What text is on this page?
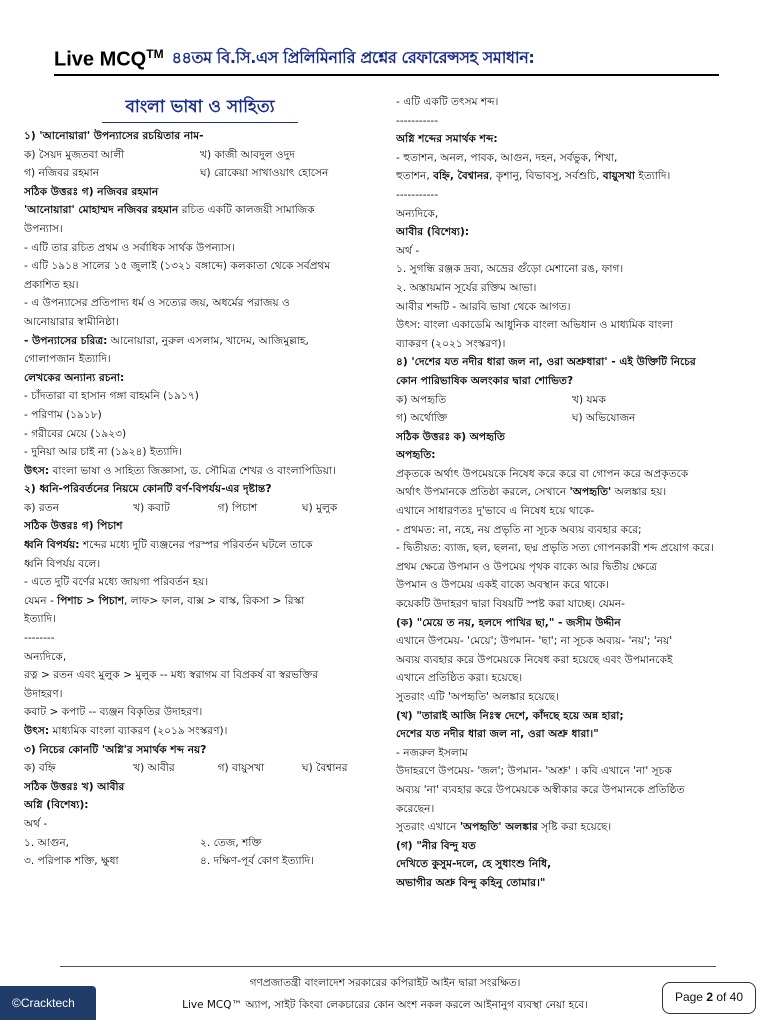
Live MCQ™ ৪৪তম বি.সি.এস প্রিলিমিনারি প্রশ্নের রেফারেন্সসহ সমাধান:
বাংলা ভাষা ও সাহিত্য
১) 'আনোয়ারা' উপন্যাসের রচয়িতার নাম-
ক) সৈয়দ মুজতবা আলী	খ) কাজী আবদুল ওদুদ
গ) নজিবর রহমান	ঘ) রোকেয়া সাখাওয়াৎ হোসেন
সঠিক উত্তরঃ গ) নজিবর রহমান
'আনোয়ারা' মোহাম্মদ নজিবর রহমান রচিত একটি কালজয়ী সামাজিক
উপন্যাস।
- এটি তার রচিত প্রথম ও সর্বাধিক সার্থক উপন্যাস।
- এটি ১৯১৪ সালের ১৫ জুলাই (১৩২১ বঙ্গাব্দে) কলকাতা থেকে সর্বপ্রথম
প্রকাশিত হয়।
- এ উপন্যাসের প্রতিপাদ্য ধর্ম ও সত্যের জয়, অধর্মের পরাজয় ও
আনোয়ারার স্বামীনিষ্ঠা।
- উপন্যাসের চরিত্র: আনোয়ারা, নুরুল এসলাম, খাদেম, আজিমুল্লাহ,
গোলাপজান ইত্যাদি।
লেখকের অন্যান্য রচনা:
- চাঁদতারা বা হাসান গঙ্গা বাহমনি (১৯১৭)
- পরিণাম (১৯১৮)
- গরীবের মেয়ে (১৯২৩)
- দুনিয়া আর চাই না (১৯২৪) ইত্যাদি।
উৎস: বাংলা ভাষা ও সাহিত্য জিজ্ঞাসা, ড. সৌমিত্র শেখর ও বাংলাপিডিয়া।
২) ধ্বনি-পরিবর্তনের নিয়মে কোনটি বর্ণ-বিপর্যয়-এর দৃষ্টান্ত?
ক) রতন	খ) কবাট	গ) পিচাশ	ঘ) মুলুক
সঠিক উত্তরঃ গ) পিচাশ
ধ্বনি বিপর্যয়: শব্দের মধ্যে দুটি ব্যঞ্জনের পরস্পর পরিবর্তন ঘটলে তাকে
ধ্বনি বিপর্যয় বলে।
- এতে দুটি বর্ণের মধ্যে জায়গা পরিবর্তন হয়।
যেমন - পিশাচ > পিচাশ, লাফ> ফাল, বাক্স > বাস্ক, রিকসা > রিস্কা
ইত্যাদি।
--------
অন্যদিকে,
রত্ন > রতন এবং মুলুক > মুলুক -- মধ্য স্বরাগম বা বিপ্রকর্ষ বা স্বরভক্তির
উদাহরণ।
কবাট > কপাট -- ব্যঞ্জন বিকৃতির উদাহরণ।
উৎস: মাধ্যমিক বাংলা ব্যাকরণ (২০১৯ সংস্করণ)।
৩) নিচের কোনটি 'অগ্নি'র সমার্থক শব্দ নয়?
ক) বহ্নি	খ) আবীর	গ) বায়ুসখা	ঘ) বৈশ্বানর
সঠিক উত্তরঃ খ) আবীর
অগ্নি (বিশেষ্য):
অর্থ -
১. আগুন,	২. তেজ, শক্তি
৩. পরিপাক শক্তি, ক্ষুধা	৪. দক্ষিণ-পূর্ব কোণ ইত্যাদি।
- এটি একটি তৎসম শব্দ।
-----------
অগ্নি শব্দের সমার্থক শব্দ:
- হুতাশন, অনল, পাবক, আগুন, দহন, সর্বভুক, শিখা,
হুতাশন, বহ্নি, বৈশ্বানর, কৃশানু, বিভাবসু, সর্বশুচি, বায়ুসখা ইত্যাদি।
-----------
অন্যদিকে,
আবীর (বিশেষ্য):
অর্থ -
১. সুগন্ধি রঞ্জক দ্রব্য, অভ্রের গুঁড়ো মেশানো রঙ, ফাগ।
২. অস্তায়মান সূর্যের রক্তিম আভা।
আবীর শব্দটি - আরবি ভাষা থেকে আগত।
উৎস: বাংলা একাডেমি আধুনিক বাংলা অভিধান ও মাধ্যমিক বাংলা
ব্যাকরণ (২০২১ সংস্করণ)।
৪) 'দেশের যত নদীর ধারা জল না, ওরা অশ্রুধারা' - এই উক্তিটি নিচের
কোন পারিভাষিক অলংকার দ্বারা শোভিত?
ক) অপহৃতি	খ) যমক
গ) অর্থোক্তি	ঘ) অভিযোজন
সঠিক উত্তরঃ ক) অপহৃতি
অপহৃতি:
প্রকৃতকে অর্থাৎ উপমেয়কে নিষেধ করে করে বা গোপন করে অপ্রকৃতকে
অর্থাৎ উপমানকে প্রতিষ্ঠা করলে, সেখানে 'অপহৃতি' অলঙ্কার হয়।
এখানে সাধারণতঃ দু'ভাবে এ নিষেধ হয়ে থাকে-
- প্রথমত: না, নহে, নয় প্রভৃতি না সূচক অব্যয় ব্যবহার করে;
- দ্বিতীয়ত: ব্যাজ, ছল, ছলনা, ছদ্ম প্রভৃতি সত্য গোপনকারী শব্দ প্রয়োগ করে।
প্রথম ক্ষেত্রে উপমান ও উপমেয় পৃথক বাক্যে আর দ্বিতীয় ক্ষেত্রে
উপমান ও উপমেয় একই বাক্যে অবস্থান করে থাকে।
কয়েকটি উদাহরণ দ্বারা বিষয়টি স্পষ্ট করা যাচ্ছে। যেমন-
(ক) "মেয়ে ত নয়, হলদে পাখির ছা," - জসীম উদ্দীন
এখানে উপমেয়- 'মেয়ে'; উপমান- 'ছা'; না সূচক অব্যয়- 'নয়'; 'নয়'
অব্যয় ব্যবহার করে উপমেয়কে নিষেধ করা হয়েছে এবং উপমানকেই
এখানে প্রতিষ্ঠিত করা। হয়েছে।
সুতরাং এটি 'অপহৃতি' অলঙ্কার হয়েছে।
(খ) "তারাই আজি নিঃস্ব দেশে, কাঁদছে হয়ে অন্ন হারা;
দেশের যত নদীর ধারা জল না, ওরা অশ্রু ধারা।"
- নজরুল ইসলাম
উদাহরণে উপমেয়- 'জল'; উপমান- 'অশ্রু' । কবি এখানে 'না' সূচক
অব্যয় 'না' ব্যবহার করে উপমেয়কে অস্বীকার করে উপমানকে প্রতিষ্ঠিত
করেছেন।
সুতরাং এখানে 'অপহৃতি' অলঙ্কার সৃষ্টি করা হয়েছে।
(গ) "নীর বিন্দু যত
দেখিতে কুসুম-দলে, হে সুধাংশু নিধি,
অভাগীর অশ্রু বিন্দু কহিনু তোমার।"
গণপ্রজাতন্ত্রী বাংলাদেশ সরকারের কপিরাইট আইন দ্বারা সংরক্ষিত।
Live MCQ™ অ্যাপ, সাইট কিংবা লেকচারের কোন অংশ নকল করলে আইনানুগ ব্যবস্থা নেয়া হবে।
©Cracktech	Page 2 of 40
